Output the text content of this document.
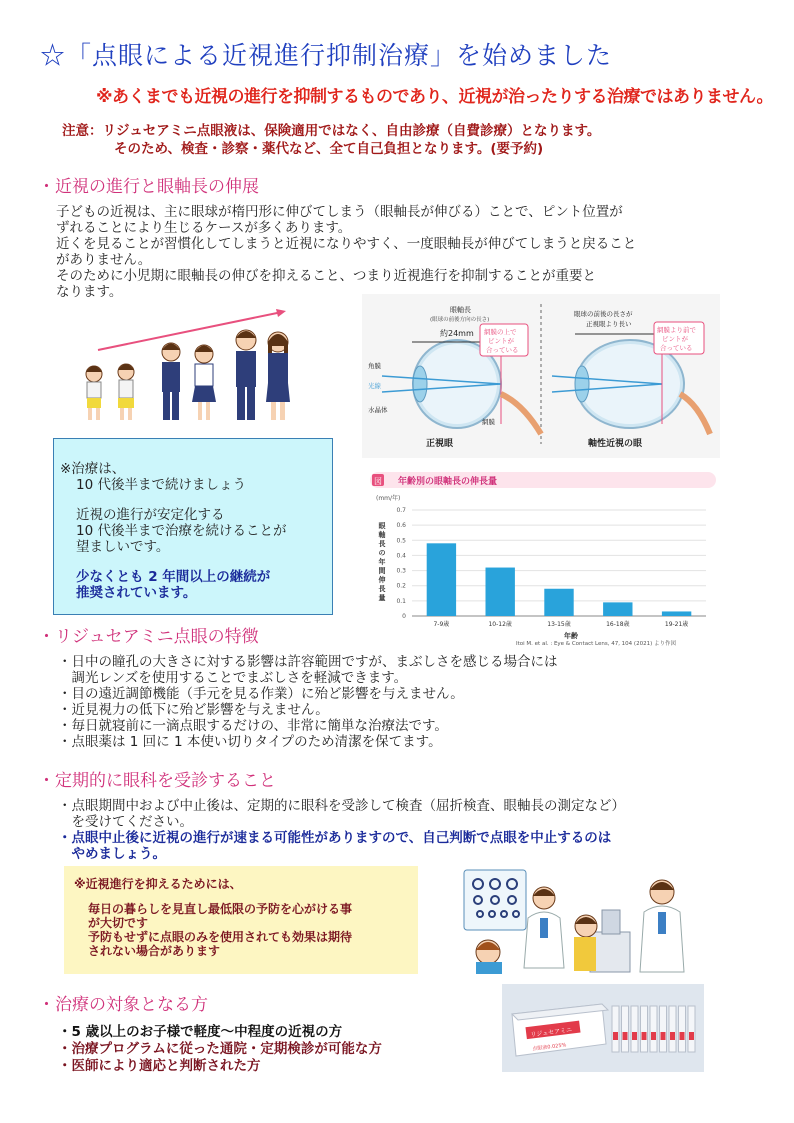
☆「点眼による近視進行抑制治療」を始めました
※あくまでも近視の進行を抑制するものであり、近視が治ったりする治療ではありません。
注意：リジュセアミニ点眼液は、保険適用ではなく、自由診療（自費診療）となります。
そのため、検査・診察・薬代など、全て自己負担となります。(要予約)
・近視の進行と眼軸長の伸展
子どもの近視は、主に眼球が楕円形に伸びてしまう（眼軸長が伸びる）ことで、ピント位置が
ずれることにより生じるケースが多くあります。
近くを見ることが習慣化してしまうと近視になりやすく、一度眼軸長が伸びてしまうと戻ること
がありません。
そのために小児期に眼軸長の伸びを抑えること、つまり近視進行を抑制することが重要と
なります。
眼軸長
(眼球の前後方向の長さ)
約24mm
眼球の前後の長さが
正視眼より長い
網膜の上で
ピントが
合っている
網膜より前で
ピントが
合っている
角膜
光線
水晶体
網膜
正視眼	軸性近視の眼
※治療は、
10 代後半まで続けましょう
近視の進行が安定化する
10 代後半まで治療を続けることが
望ましいです。
少なくとも 2 年間以上の継続が
推奨されています。
図 年齢別の眼軸長の伸長量
(mm/年)
眼
軸
長
の
年
間
伸
長
量
0
0.1
0.2
0.3
0.4
0.5
0.6
0.7
7-9歳	10-12歳	13-15歳	16-18歳	19-21歳
年齢
Itoi M. et al. : Eye & Contact Lens, 47, 104 (2021) より作図
・リジュセアミニ点眼の特徴
・日中の瞳孔の大きさに対する影響は許容範囲ですが、まぶしさを感じる場合には
　調光レンズを使用することでまぶしさを軽減できます。
・目の遠近調節機能（手元を見る作業）に殆ど影響を与えません。
・近見視力の低下に殆ど影響を与えません。
・毎日就寝前に一滴点眼するだけの、非常に簡単な治療法です。
・点眼薬は 1 回に 1 本使い切りタイプのため清潔を保てます。
・定期的に眼科を受診すること
・点眼期間中および中止後は、定期的に眼科を受診して検査（屈折検査、眼軸長の測定など）
　を受けてください。
・点眼中止後に近視の進行が速まる可能性がありますので、自己判断で点眼を中止するのは
　やめましょう。
※近視進行を抑えるためには、
毎日の暮らしを見直し最低限の予防を心がける事
が大切です
予防もせずに点眼のみを使用されても効果は期待
されない場合があります
・治療の対象となる方
・5 歳以上のお子様で軽度～中程度の近視の方
・治療プログラムに従った通院・定期検診が可能な方
・医師により適応と判断された方
リジュセアミニ
点眼液0.025%
